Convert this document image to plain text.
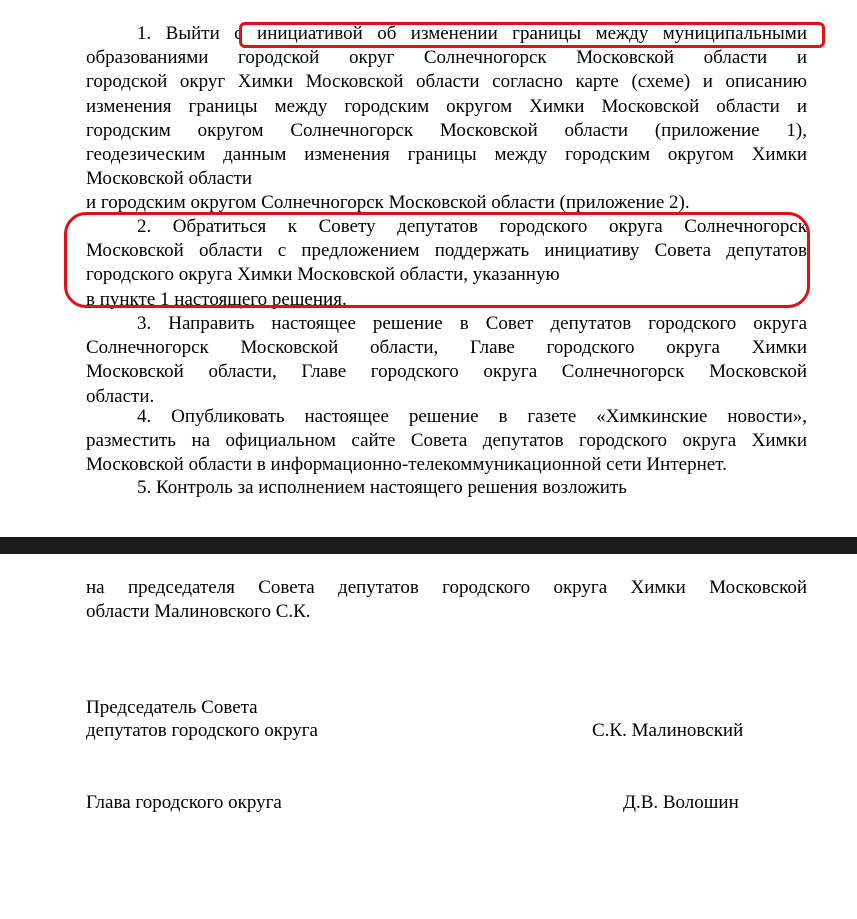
1. Выйти с инициативой об изменении границы между муниципальными
образованиями городской округ Солнечногорск Московской области и
городской округ Химки Московской области согласно карте (схеме) и описанию
изменения границы между городским округом Химки Московской области и
городским округом Солнечногорск Московской области (приложение 1),
геодезическим данным изменения границы между городским округом Химки
Московской области
и городским округом Солнечногорск Московской области (приложение 2).
2. Обратиться к Совету депутатов городского округа Солнечногорск
Московской области с предложением поддержать инициативу Совета депутатов
городского округа Химки Московской области, указанную
в пункте 1 настоящего решения.
3. Направить настоящее решение в Совет депутатов городского округа
Солнечногорск Московской области, Главе городского округа Химки
Московской области, Главе городского округа Солнечногорск Московской
области.
4. Опубликовать настоящее решение в газете «Химкинские новости»,
разместить на официальном сайте Совета депутатов городского округа Химки
Московской области в информационно-телекоммуникационной сети Интернет.
5. Контроль за исполнением настоящего решения возложить
на председателя Совета депутатов городского округа Химки Московской
области Малиновского С.К.
Председатель Совета
депутатов городского округа	С.К. Малиновский
Глава городского округа	Д.В. Волошин
